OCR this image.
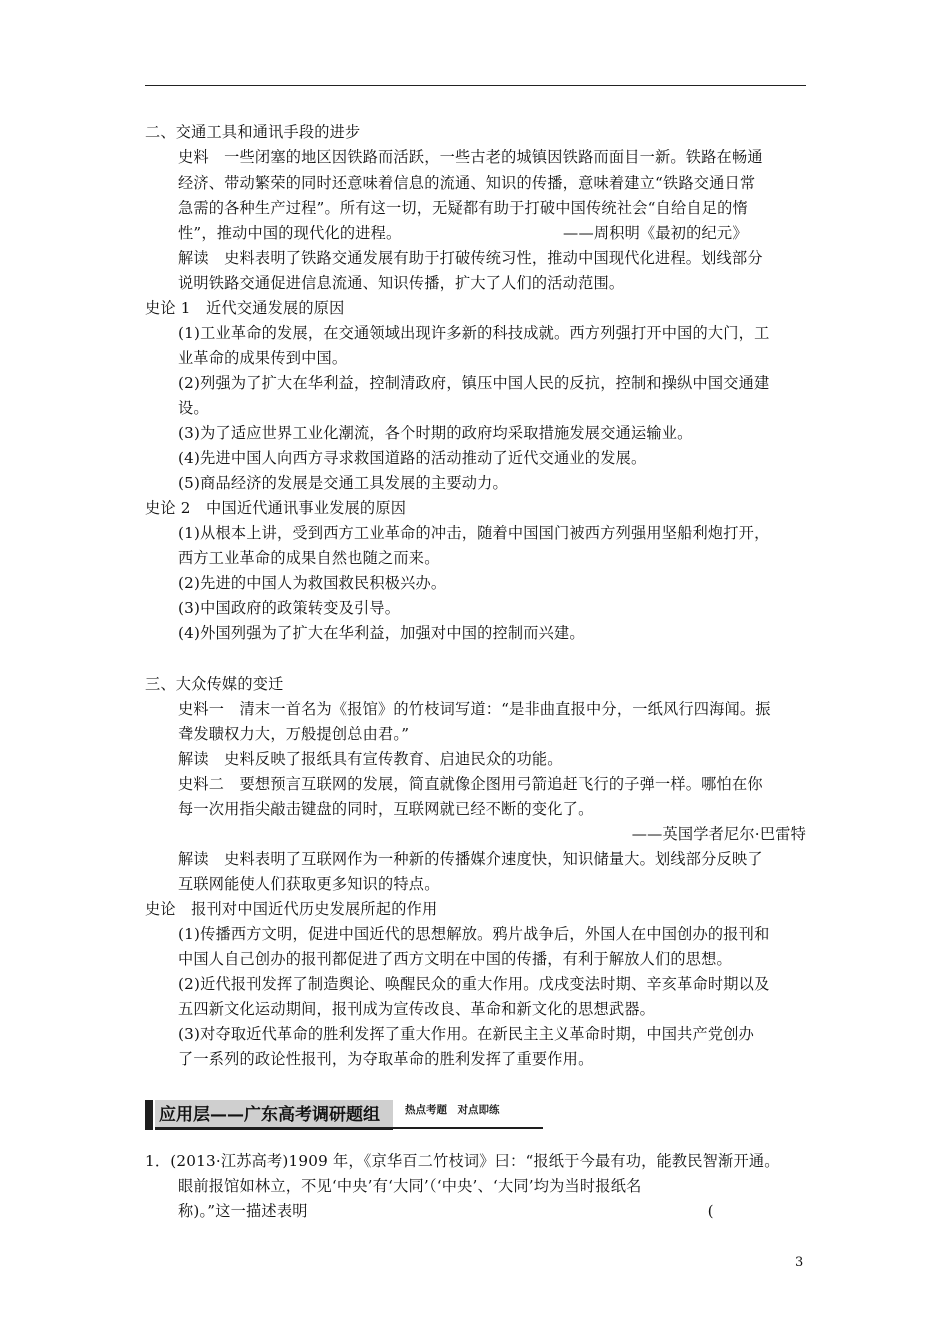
二、交通工具和通讯手段的进步
史料　一些闭塞的地区因铁路而活跃，一些古老的城镇因铁路而面目一新。铁路在畅通
经济、带动繁荣的同时还意味着信息的流通、知识的传播，意味着建立“铁路交通日常
急需的各种生产过程”。所有这一切，无疑都有助于打破中国传统社会“自给自足的惰
性”，推动中国的现代化的进程。　　　　　　　　　　　——周积明《最初的纪元》
解读　史料表明了铁路交通发展有助于打破传统习性，推动中国现代化进程。划线部分
说明铁路交通促进信息流通、知识传播，扩大了人们的活动范围。
史论 1　近代交通发展的原因
(1)工业革命的发展，在交通领域出现许多新的科技成就。西方列强打开中国的大门，工
业革命的成果传到中国。
(2)列强为了扩大在华利益，控制清政府，镇压中国人民的反抗，控制和操纵中国交通建
设。
(3)为了适应世界工业化潮流，各个时期的政府均采取措施发展交通运输业。
(4)先进中国人向西方寻求救国道路的活动推动了近代交通业的发展。
(5)商品经济的发展是交通工具发展的主要动力。
史论 2　中国近代通讯事业发展的原因
(1)从根本上讲，受到西方工业革命的冲击，随着中国国门被西方列强用坚船利炮打开，
西方工业革命的成果自然也随之而来。
(2)先进的中国人为救国救民积极兴办。
(3)中国政府的政策转变及引导。
(4)外国列强为了扩大在华利益，加强对中国的控制而兴建。
三、大众传媒的变迁
史料一　清末一首名为《报馆》的竹枝词写道：“是非曲直报中分，一纸风行四海闻。振
聋发聩权力大，万般提创总由君。”
解读　史料反映了报纸具有宣传教育、启迪民众的功能。
史料二　要想预言互联网的发展，简直就像企图用弓箭追赶飞行的子弹一样。哪怕在你
每一次用指尖敲击键盘的同时，互联网就已经不断的变化了。
——英国学者尼尔·巴雷特
解读　史料表明了互联网作为一种新的传播媒介速度快，知识储量大。划线部分反映了
互联网能使人们获取更多知识的特点。
史论　报刊对中国近代历史发展所起的作用
(1)传播西方文明，促进中国近代的思想解放。鸦片战争后，外国人在中国创办的报刊和
中国人自己创办的报刊都促进了西方文明在中国的传播，有利于解放人们的思想。
(2)近代报刊发挥了制造舆论、唤醒民众的重大作用。戊戌变法时期、辛亥革命时期以及
五四新文化运动期间，报刊成为宣传改良、革命和新文化的思想武器。
(3)对夺取近代革命的胜利发挥了重大作用。在新民主主义革命时期，中国共产党创办
了一系列的政论性报刊，为夺取革命的胜利发挥了重要作用。
应用层——广东高考调研题组 热点考题　对点即练
1．(2013·江苏高考)1909 年，《京华百二竹枝词》曰：“报纸于今最有功，能教民智渐开通。
眼前报馆如林立，不见‘中央’有‘大同’（‘中央’、‘大同’均为当时报纸名
称)。”这一描述表明　　　　　　　　　　　　　　　　　　　　　　　　　　(
3
